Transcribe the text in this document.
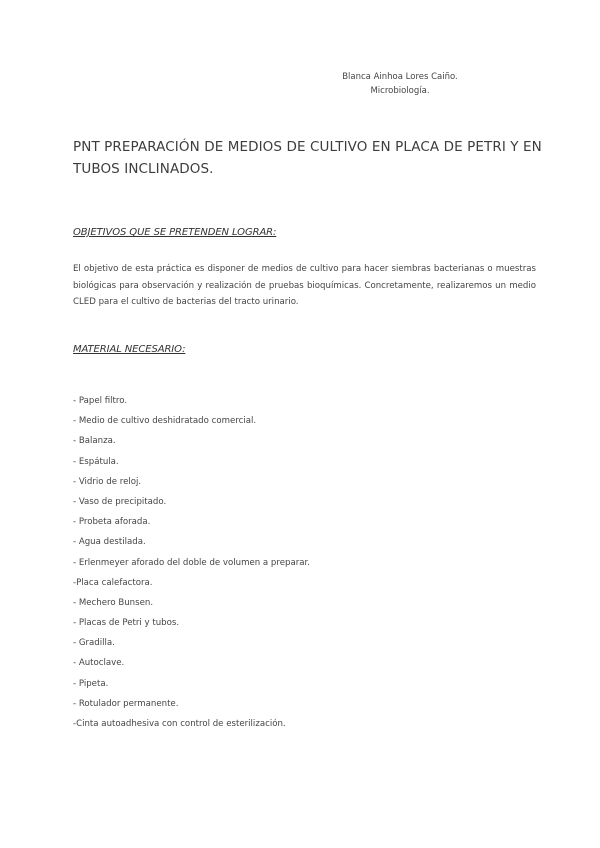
Blanca Ainhoa Lores Caiño.
Microbiología.
PNT PREPARACIÓN DE MEDIOS DE CULTIVO EN PLACA DE PETRI Y EN TUBOS INCLINADOS.
OBJETIVOS QUE SE PRETENDEN LOGRAR:

El objetivo de esta práctica es disponer de medios de cultivo para hacer siembras bacterianas o muestras biológicas para observación y realización de pruebas bioquímicas. Concretamente, realizaremos un medio CLED para el cultivo de bacterias del tracto urinario.

MATERIAL NECESARIO:
- Papel filtro.
- Medio de cultivo deshidratado comercial.
- Balanza.
- Espátula.
- Vidrio de reloj.
- Vaso de precipitado.
- Probeta aforada.
- Agua destilada.
- Erlenmeyer aforado del doble de volumen a preparar.
-Placa calefactora.
- Mechero Bunsen.
- Placas de Petri y tubos.
- Gradilla.
- Autoclave.
- Pipeta.
- Rotulador permanente.
-Cinta autoadhesiva con control de esterilización.
